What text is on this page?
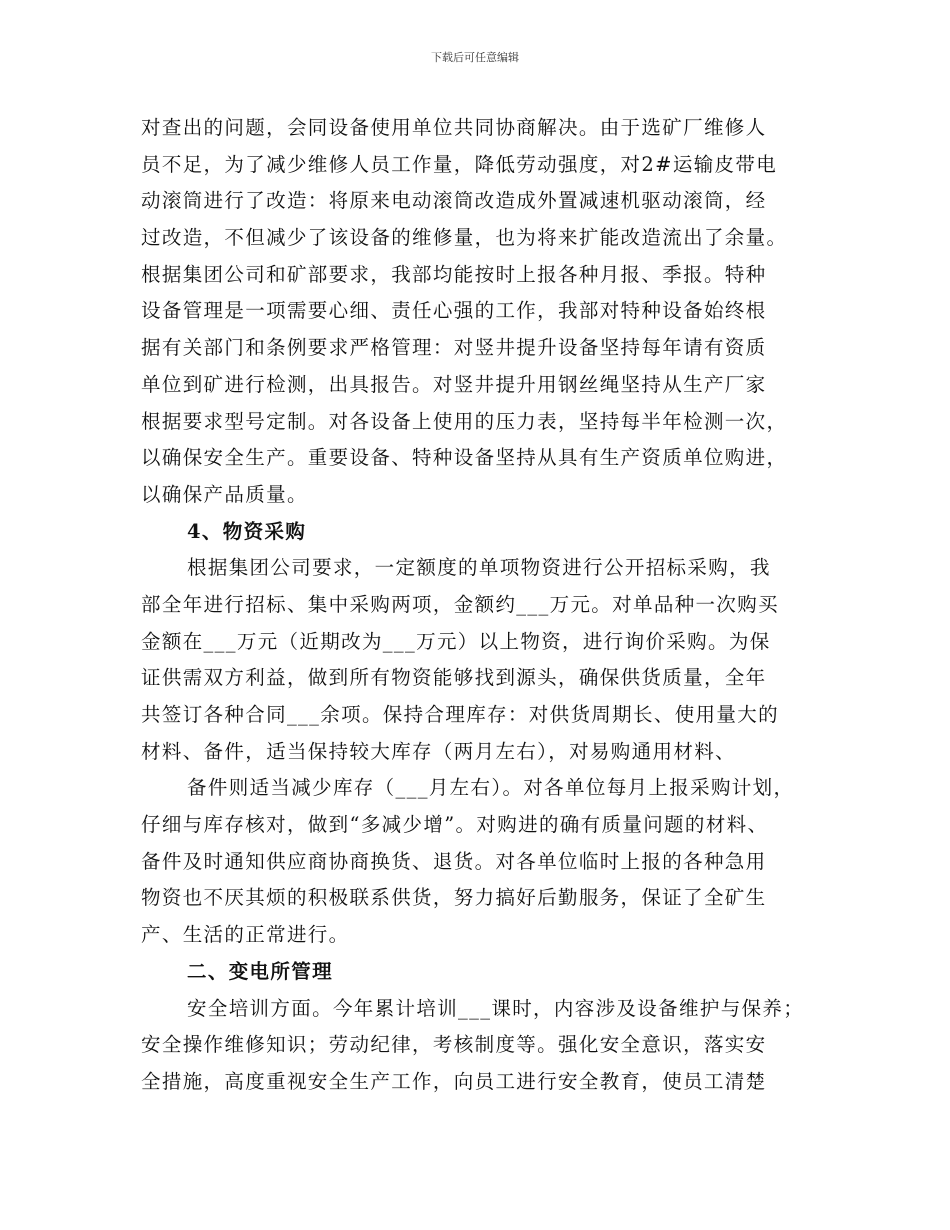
下载后可任意编辑
对查出的问题，会同设备使用单位共同协商解决。由于选矿厂维修人
员不足，为了减少维修人员工作量，降低劳动强度，对2#运输皮带电
动滚筒进行了改造：将原来电动滚筒改造成外置减速机驱动滚筒，经
过改造，不但减少了该设备的维修量，也为将来扩能改造流出了余量。
根据集团公司和矿部要求，我部均能按时上报各种月报、季报。特种
设备管理是一项需要心细、责任心强的工作，我部对特种设备始终根
据有关部门和条例要求严格管理：对竖井提升设备坚持每年请有资质
单位到矿进行检测，出具报告。对竖井提升用钢丝绳坚持从生产厂家
根据要求型号定制。对各设备上使用的压力表，坚持每半年检测一次，
以确保安全生产。重要设备、特种设备坚持从具有生产资质单位购进，
以确保产品质量。
4、物资采购
根据集团公司要求，一定额度的单项物资进行公开招标采购，我
部全年进行招标、集中采购两项，金额约___万元。对单品种一次购买
金额在___万元（近期改为___万元）以上物资，进行询价采购。为保
证供需双方利益，做到所有物资能够找到源头，确保供货质量，全年
共签订各种合同___余项。保持合理库存：对供货周期长、使用量大的
材料、备件，适当保持较大库存（两月左右），对易购通用材料、
备件则适当减少库存（___月左右）。对各单位每月上报采购计划，
仔细与库存核对，做到“多减少增”。对购进的确有质量问题的材料、
备件及时通知供应商协商换货、退货。对各单位临时上报的各种急用
物资也不厌其烦的积极联系供货，努力搞好后勤服务，保证了全矿生
产、生活的正常进行。
二、变电所管理
安全培训方面。今年累计培训___课时，内容涉及设备维护与保养；
安全操作维修知识；劳动纪律，考核制度等。强化安全意识，落实安
全措施，高度重视安全生产工作，向员工进行安全教育，使员工清楚
